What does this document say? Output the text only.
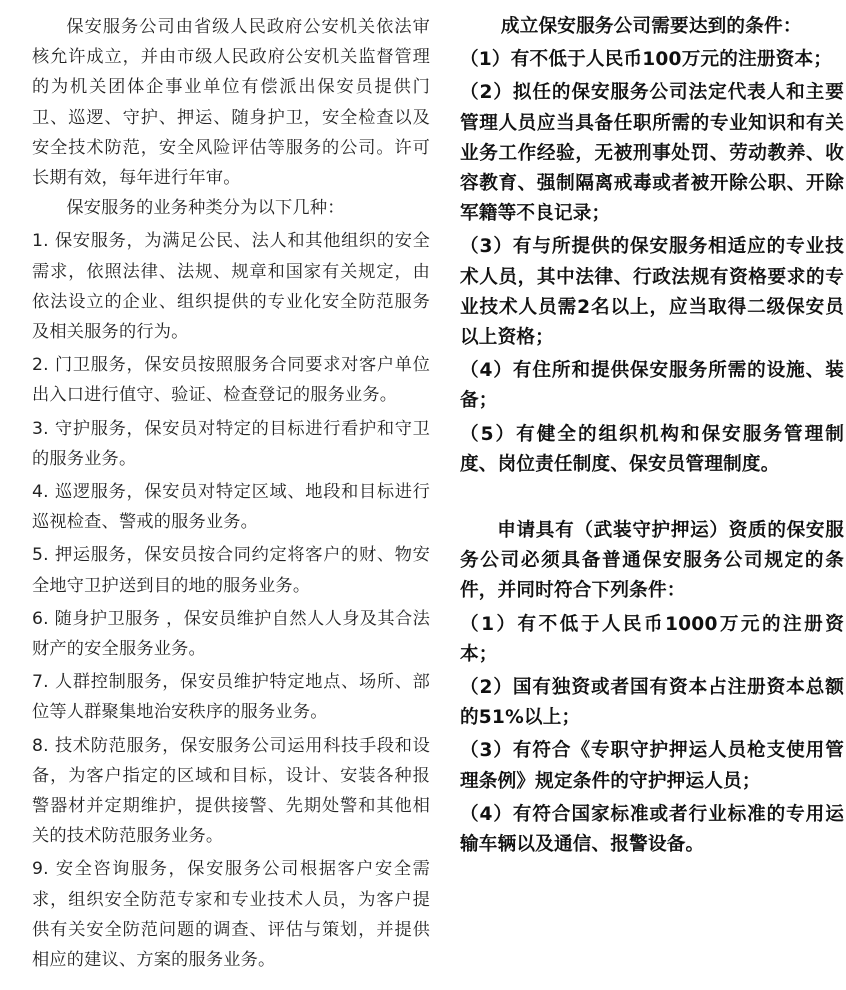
保安服务公司由省级人民政府公安机关依法审核允许成立，并由市级人民政府公安机关监督管理的为机关团体企事业单位有偿派出保安员提供门卫、巡逻、守护、押运、随身护卫，安全检查以及安全技术防范，安全风险评估等服务的公司。许可长期有效，每年进行年审。

保安服务的业务种类分为以下几种：

1. 保安服务，为满足公民、法人和其他组织的安全需求，依照法律、法规、规章和国家有关规定，由依法设立的企业、组织提供的专业化安全防范服务及相关服务的行为。

2. 门卫服务，保安员按照服务合同要求对客户单位出入口进行值守、验证、检查登记的服务业务。

3. 守护服务，保安员对特定的目标进行看护和守卫的服务业务。

4. 巡逻服务，保安员对特定区域、地段和目标进行巡视检查、警戒的服务业务。

5. 押运服务，保安员按合同约定将客户的财、物安全地守卫护送到目的地的服务业务。

6. 随身护卫服务 ，保安员维护自然人人身及其合法财产的安全服务业务。

7. 人群控制服务，保安员维护特定地点、场所、部位等人群聚集地治安秩序的服务业务。

8. 技术防范服务，保安服务公司运用科技手段和设备，为客户指定的区域和目标，设计、安装各种报警器材并定期维护，提供接警、先期处警和其他相关的技术防范服务业务。

9. 安全咨询服务，保安服务公司根据客户安全需求，组织安全防范专家和专业技术人员，为客户提供有关安全防范问题的调查、评估与策划，并提供相应的建议、方案的服务业务。

成立保安服务公司需要达到的条件：

（1）有不低于人民币100万元的注册资本；

（2）拟任的保安服务公司法定代表人和主要管理人员应当具备任职所需的专业知识和有关业务工作经验，无被刑事处罚、劳动教养、收容教育、强制隔离戒毒或者被开除公职、开除军籍等不良记录；

（3）有与所提供的保安服务相适应的专业技术人员，其中法律、行政法规有资格要求的专业技术人员需2名以上，应当取得二级保安员以上资格；

（4）有住所和提供保安服务所需的设施、装备；

（5）有健全的组织机构和保安服务管理制度、岗位责任制度、保安员管理制度。

申请具有（武装守护押运）资质的保安服务公司必须具备普通保安服务公司规定的条件，并同时符合下列条件：

（1）有不低于人民币1000万元的注册资本；

（2）国有独资或者国有资本占注册资本总额的51%以上；

（3）有符合《专职守护押运人员枪支使用管理条例》规定条件的守护押运人员；

（4）有符合国家标准或者行业标准的专用运输车辆以及通信、报警设备。
